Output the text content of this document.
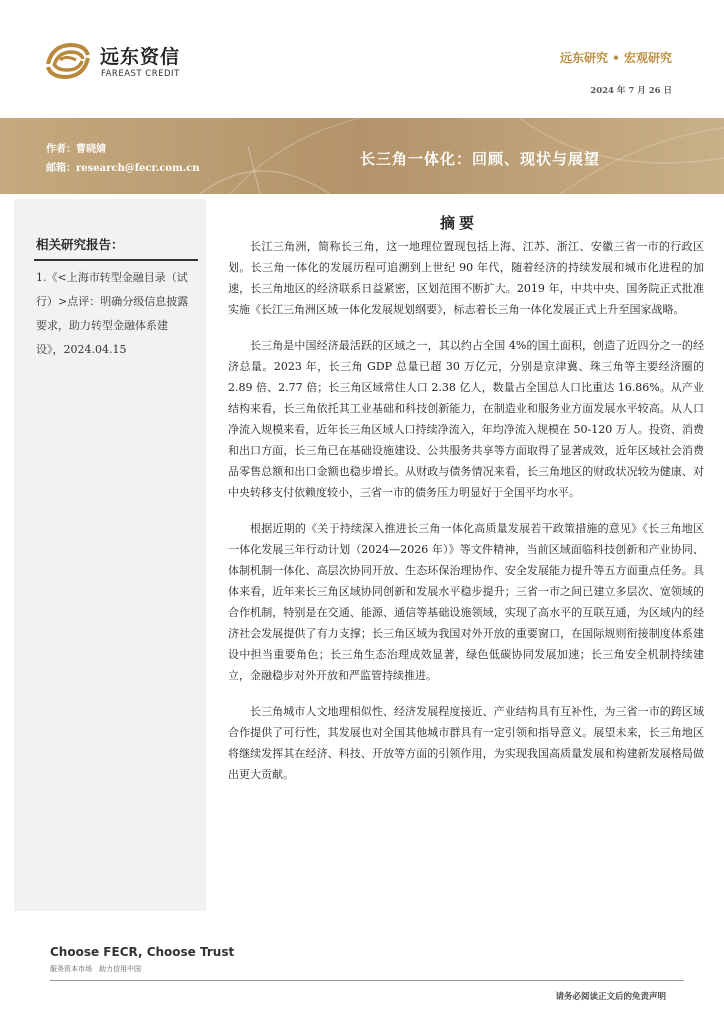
远东资信
FAREAST CREDIT
远东研究 • 宏观研究
2024 年 7 月 26 日
作者：曹晓婧
邮箱：research@fecr.com.cn
长三角一体化：回顾、现状与展望
相关研究报告：
1.《<上海市转型金融目录（试行）>点评：明确分级信息披露要求，助力转型金融体系建设》，2024.04.15
摘要

长江三角洲，简称长三角，这一地理位置现包括上海、江苏、浙江、安徽三省一市的行政区划。长三角一体化的发展历程可追溯到上世纪 90 年代，随着经济的持续发展和城市化进程的加速，长三角地区的经济联系日益紧密，区划范围不断扩大。2019 年，中共中央、国务院正式批准实施《长江三角洲区域一体化发展规划纲要》，标志着长三角一体化发展正式上升至国家战略。

长三角是中国经济最活跃的区域之一，其以约占全国 4%的国土面积，创造了近四分之一的经济总量。2023 年，长三角 GDP 总量已超 30 万亿元，分别是京津冀、珠三角等主要经济圈的 2.89 倍、2.77 倍；长三角区域常住人口 2.38 亿人，数量占全国总人口比重达 16.86%。从产业结构来看，长三角依托其工业基础和科技创新能力，在制造业和服务业方面发展水平较高。从人口净流入规模来看，近年长三角区域人口持续净流入，年均净流入规模在 50-120 万人。投资、消费和出口方面，长三角已在基础设施建设、公共服务共享等方面取得了显著成效，近年区域社会消费品零售总额和出口金额也稳步增长。从财政与债务情况来看，长三角地区的财政状况较为健康、对中央转移支付依赖度较小，三省一市的债务压力明显好于全国平均水平。

根据近期的《关于持续深入推进长三角一体化高质量发展若干政策措施的意见》《长三角地区一体化发展三年行动计划（2024—2026 年）》等文件精神，当前区域面临科技创新和产业协同、体制机制一体化、高层次协同开放、生态环保治理协作、安全发展能力提升等五方面重点任务。具体来看，近年来长三角区域协同创新和发展水平稳步提升；三省一市之间已建立多层次、宽领域的合作机制，特别是在交通、能源、通信等基础设施领域，实现了高水平的互联互通，为区域内的经济社会发展提供了有力支撑；长三角区域为我国对外开放的重要窗口，在国际规则衔接制度体系建设中担当重要角色；长三角生态治理成效显著，绿色低碳协同发展加速；长三角安全机制持续建立，金融稳步对外开放和严监管持续推进。

长三角城市人文地理相似性、经济发展程度接近、产业结构具有互补性，为三省一市的跨区域合作提供了可行性，其发展也对全国其他城市群具有一定引领和指导意义。展望未来，长三角地区将继续发挥其在经济、科技、开放等方面的引领作用，为实现我国高质量发展和构建新发展格局做出更大贡献。

Choose FECR, Choose Trust
服务资本市场　助力信用中国
请务必阅读正文后的免责声明
